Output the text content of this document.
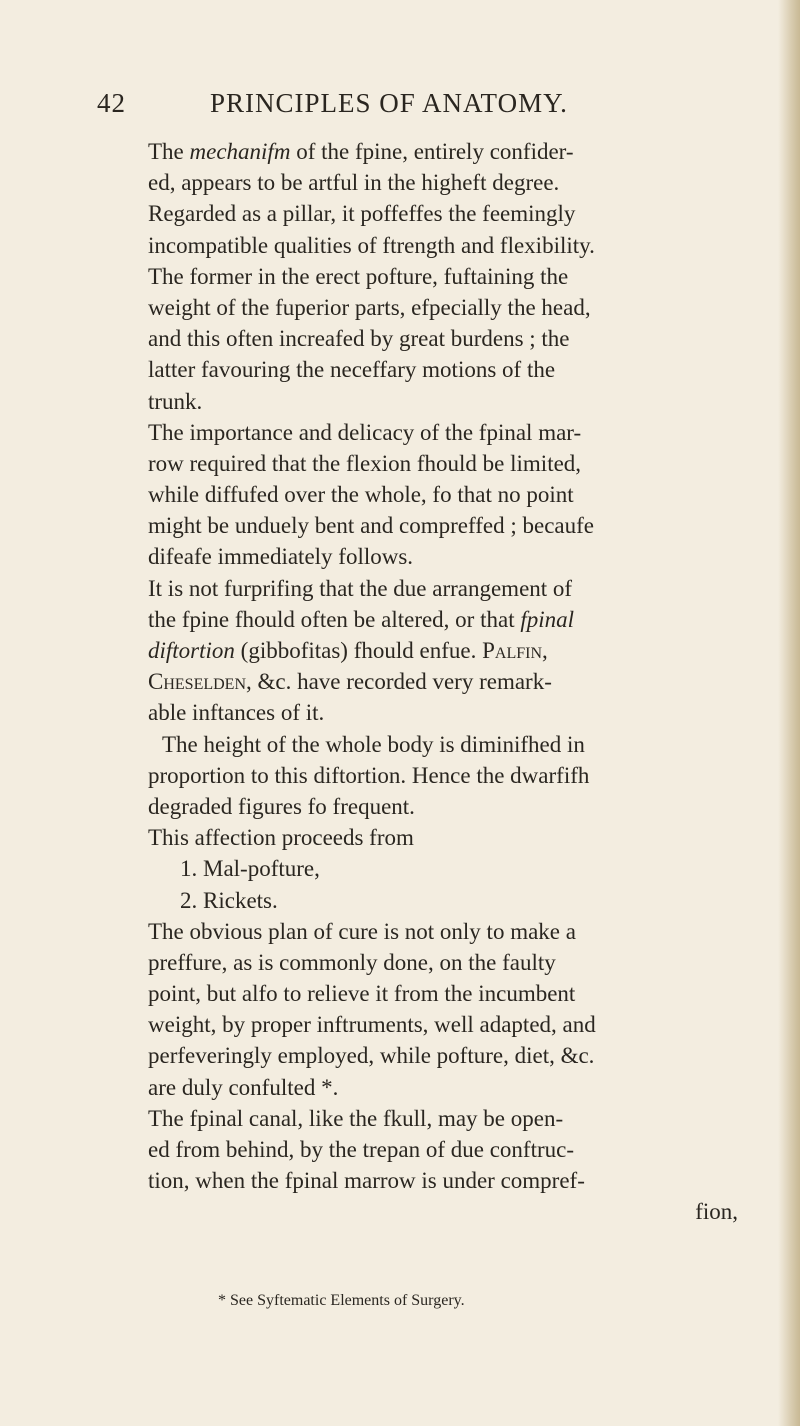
42	PRINCIPLES OF ANATOMY.
The mechanifm of the fpine, entirely confider-
ed, appears to be artful in the higheft degree.
Regarded as a pillar, it poffeffes the feemingly
incompatible qualities of ftrength and flexibility.
The former in the erect pofture, fuftaining the
weight of the fuperior parts, efpecially the head,
and this often increafed by great burdens ; the
latter favouring the neceffary motions of the
trunk.
The importance and delicacy of the fpinal mar-
row required that the flexion fhould be limited,
while diffufed over the whole, fo that no point
might be unduely bent and compreffed ; becaufe
difeafe immediately follows.
It is not furprifing that the due arrangement of
the fpine fhould often be altered, or that fpinal
diftortion (gibbofitas) fhould enfue. Palfin,
Cheselden, &c. have recorded very remark-
able inftances of it.
The height of the whole body is diminifhed in
proportion to this diftortion. Hence the dwarfifh
degraded figures fo frequent.
This affection proceeds from
1. Mal-pofture,
2. Rickets.
The obvious plan of cure is not only to make a
preffure, as is commonly done, on the faulty
point, but alfo to relieve it from the incumbent
weight, by proper inftruments, well adapted, and
perfeveringly employed, while pofture, diet, &c.
are duly confulted *.
The fpinal canal, like the fkull, may be open-
ed from behind, by the trepan of due conftruc-
tion, when the fpinal marrow is under compref-
fion,
* See Syftematic Elements of Surgery.
